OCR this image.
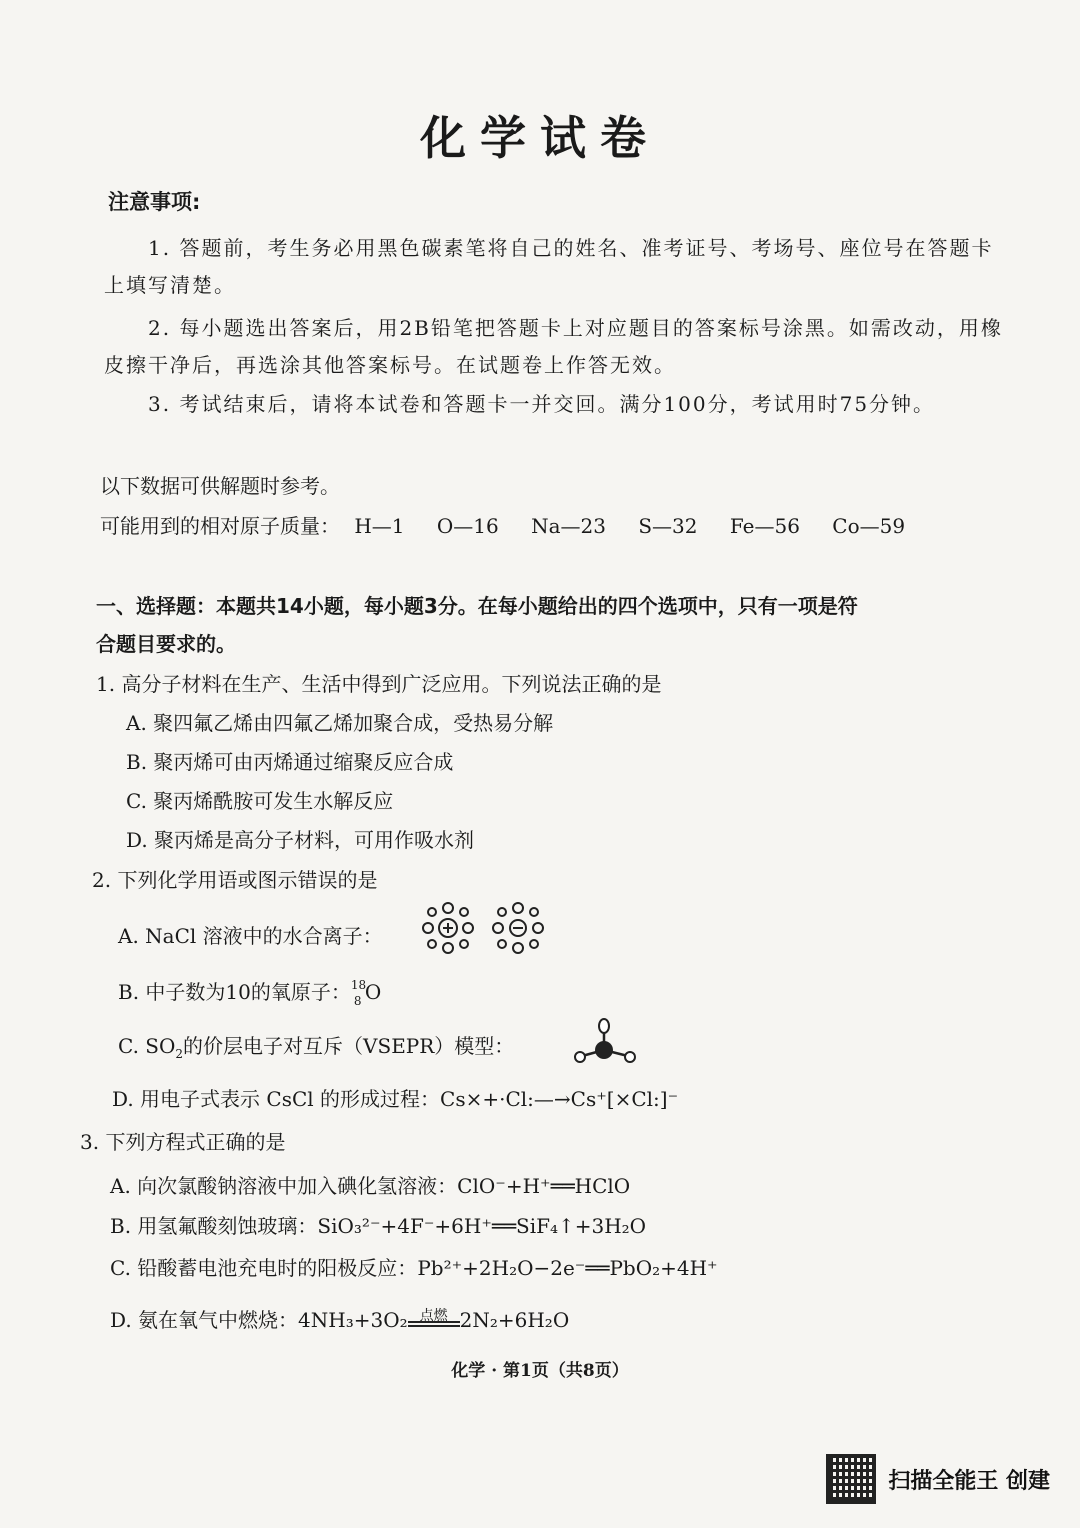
化学试卷
注意事项:
1. 答题前，考生务必用黑色碳素笔将自己的姓名、准考证号、考场号、座位号在答题卡上填写清楚。
2. 每小题选出答案后，用2B铅笔把答题卡上对应题目的答案标号涂黑。如需改动，用橡皮擦干净后，再选涂其他答案标号。在试题卷上作答无效。
3. 考试结束后，请将本试卷和答题卡一并交回。满分100分，考试用时75分钟。
以下数据可供解题时参考。
可能用到的相对原子质量： H—1 O—16 Na—23 S—32 Fe—56 Co—59
一、选择题：本题共14小题，每小题3分。在每小题给出的四个选项中，只有一项是符
合题目要求的。
1. 高分子材料在生产、生活中得到广泛应用。下列说法正确的是
A. 聚四氟乙烯由四氟乙烯加聚合成，受热易分解
B. 聚丙烯可由丙烯通过缩聚反应合成
C. 聚丙烯酰胺可发生水解反应
D. 聚丙烯是高分子材料，可用作吸水剂
2. 下列化学用语或图示错误的是
A. NaCl 溶液中的水合离子：
B. 中子数为10的氧原子： 18
8 O
C. $SO_2$的价层电子对互斥（VSEPR）模型：
D. 用电子式表示 CsCl 的形成过程：Cs×+·Cl:—→Cs⁺[×Cl:]⁻
3. 下列方程式正确的是
A. 向次氯酸钠溶液中加入碘化氢溶液：ClO⁻+H⁺══HClO
B. 用氢氟酸刻蚀玻璃：SiO₃²⁻+4F⁻+6H⁺══SiF₄↑+3H₂O
C. 铅酸蓄电池充电时的阳极反应：Pb²⁺+2H₂O−2e⁻══PbO₂+4H⁺
D. 氨在氧气中燃烧：4NH₃+3O₂ 点燃 2N₂+6H₂O
化学 · 第1页（共8页）
扫描全能王 创建
